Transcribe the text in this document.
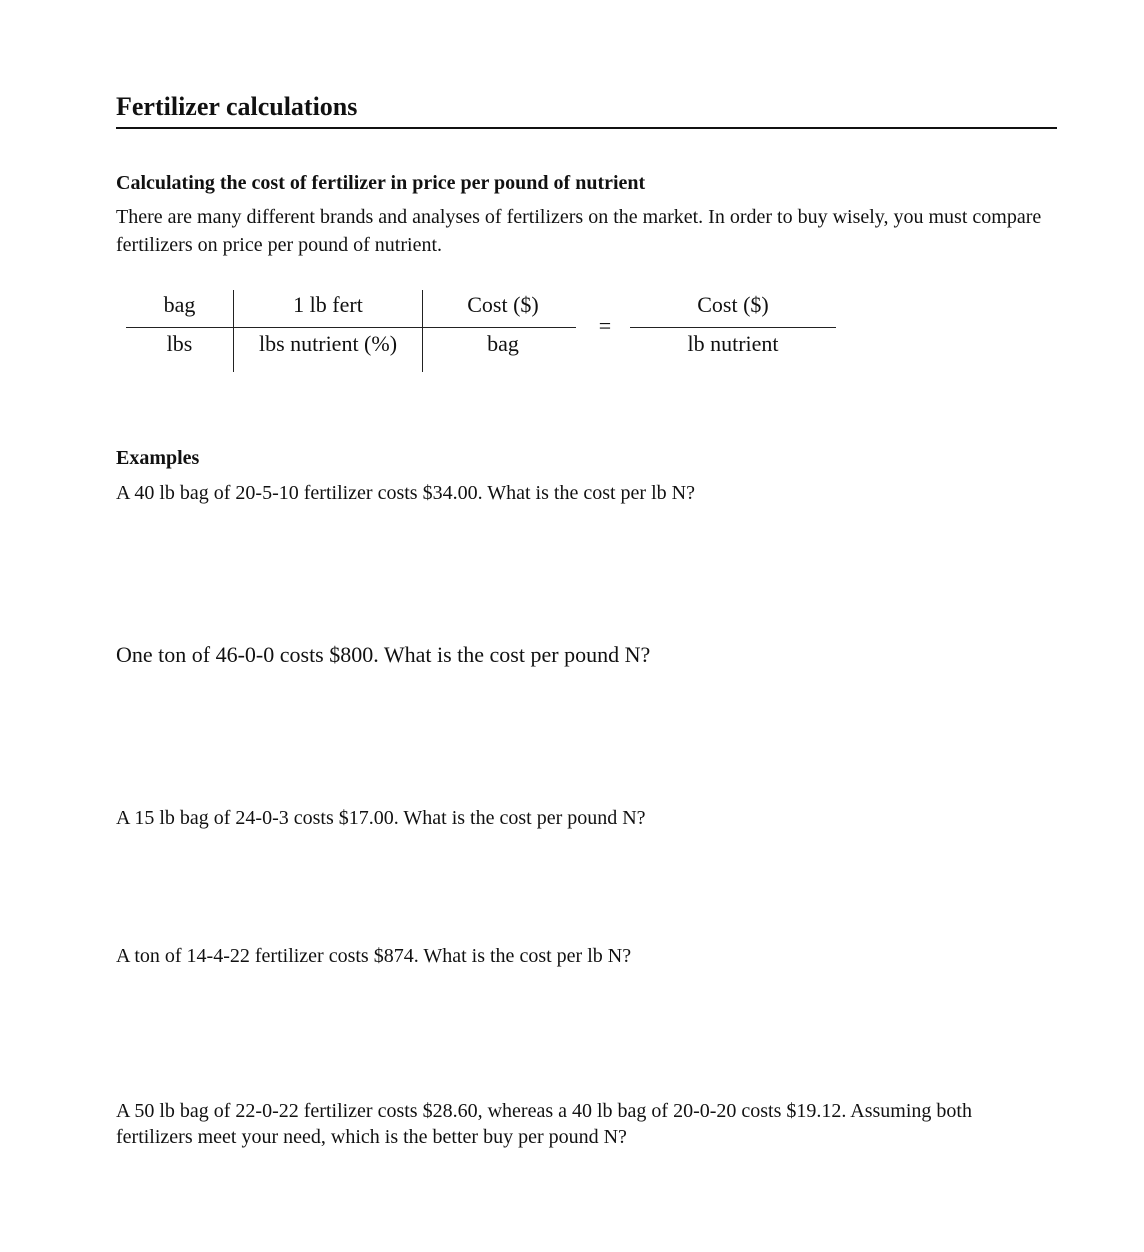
Fertilizer calculations
Calculating the cost of fertilizer in price per pound of nutrient
There are many different brands and analyses of fertilizers on the market. In order to buy wisely, you must compare fertilizers on price per pound of nutrient.
bag
lbs
1 lb fert
lbs nutrient (%)
Cost ($)
bag
=
Cost ($)
lb nutrient
Examples
A 40 lb bag of 20-5-10 fertilizer costs $34.00. What is the cost per lb N?
One ton of 46-0-0 costs $800. What is the cost per pound N?
A 15 lb bag of 24-0-3 costs $17.00. What is the cost per pound N?
A ton of 14-4-22 fertilizer costs $874. What is the cost per lb N?
A 50 lb bag of 22-0-22 fertilizer costs $28.60, whereas a 40 lb bag of 20-0-20 costs $19.12. Assuming both fertilizers meet your need, which is the better buy per pound N?
